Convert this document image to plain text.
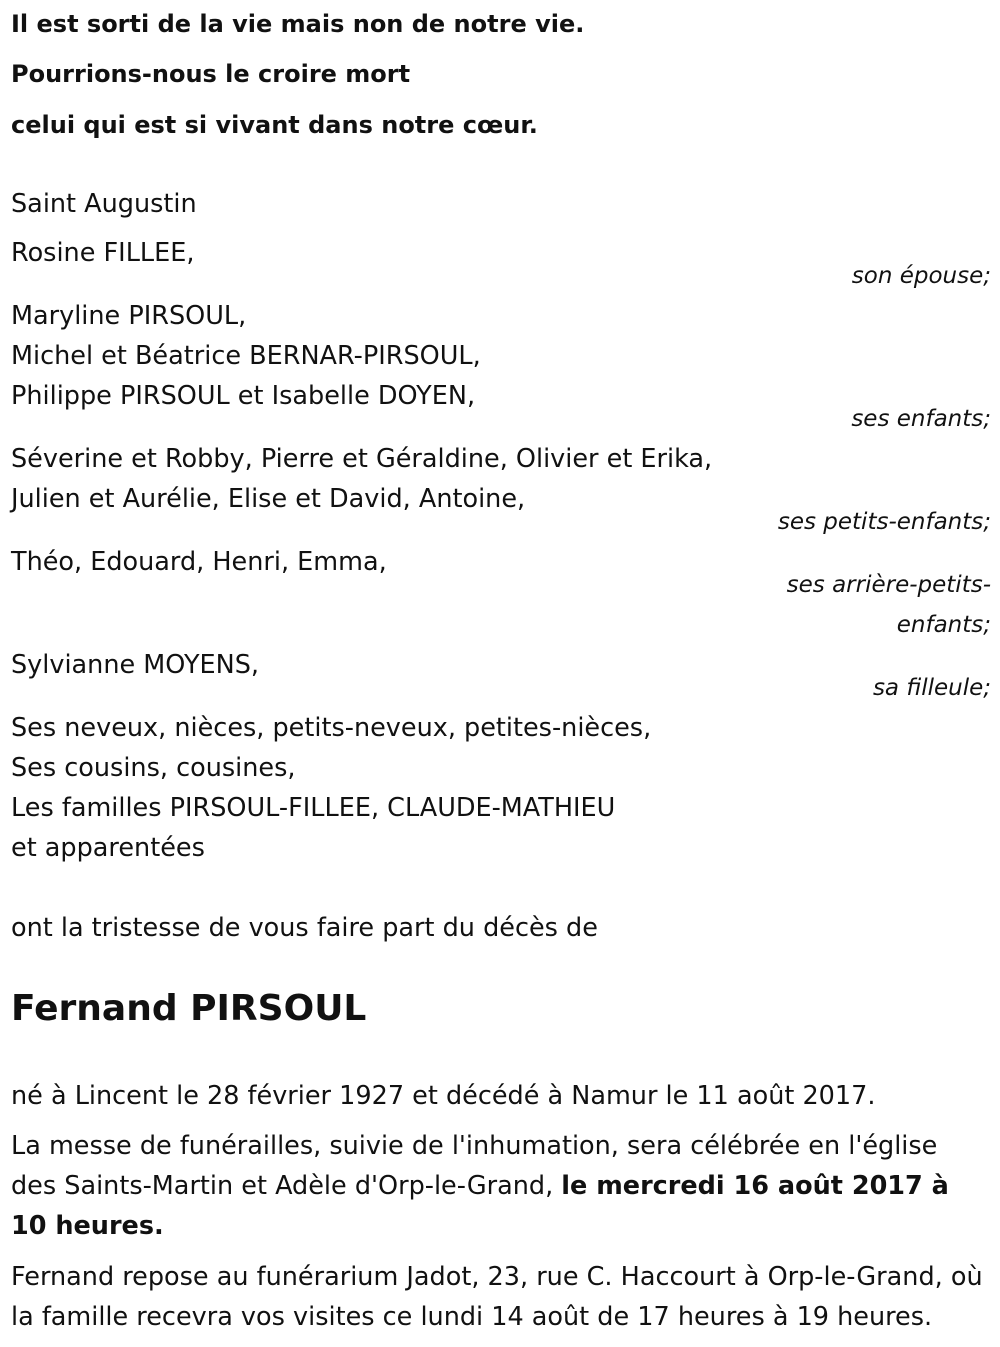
Il est sorti de la vie mais non de notre vie.
Pourrions-nous le croire mort
celui qui est si vivant dans notre cœur.
Saint Augustin
Rosine FILLEE,
son épouse;
Maryline PIRSOUL,
Michel et Béatrice BERNAR-PIRSOUL,
Philippe PIRSOUL et Isabelle DOYEN,
ses enfants;
Séverine et Robby, Pierre et Géraldine, Olivier et Erika,
Julien et Aurélie, Elise et David, Antoine,
ses petits-enfants;
Théo, Edouard, Henri, Emma,
ses arrière-petits-
enfants;
Sylvianne MOYENS,
sa filleule;
Ses neveux, nièces, petits-neveux, petites-nièces,
Ses cousins, cousines,
Les familles PIRSOUL-FILLEE, CLAUDE-MATHIEU
et apparentées
ont la tristesse de vous faire part du décès de
Fernand PIRSOUL
né à Lincent le 28 février 1927 et décédé à Namur le 11 août 2017.
La messe de funérailles, suivie de l'inhumation, sera célébrée en l'église des Saints-Martin et Adèle d'Orp-le-Grand, le mercredi 16 août 2017 à 10 heures.
Fernand repose au funérarium Jadot, 23, rue C. Haccourt à Orp-le-Grand, où la famille recevra vos visites ce lundi 14 août de 17 heures à 19 heures.
